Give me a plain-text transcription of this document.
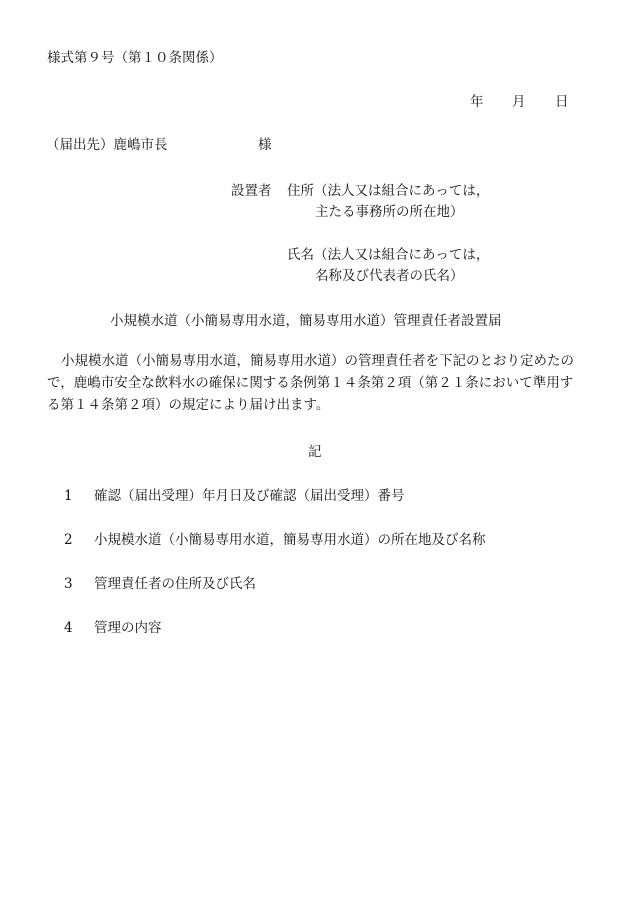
様式第９号（第１０条関係）
年 月 日
（届出先）鹿嶋市長	様
設置者 住所（法人又は組合にあっては，
主たる事務所の所在地）
氏名（法人又は組合にあっては，
名称及び代表者の氏名）
小規模水道（小簡易専用水道，簡易専用水道）管理責任者設置届
小規模水道（小簡易専用水道，簡易専用水道）の管理責任者を下記のとおり定めたので，鹿嶋市安全な飲料水の確保に関する条例第１４条第２項（第２１条において準用する第１４条第２項）の規定により届け出ます。
記
1 確認（届出受理）年月日及び確認（届出受理）番号
2 小規模水道（小簡易専用水道，簡易専用水道）の所在地及び名称
3 管理責任者の住所及び氏名
4 管理の内容
